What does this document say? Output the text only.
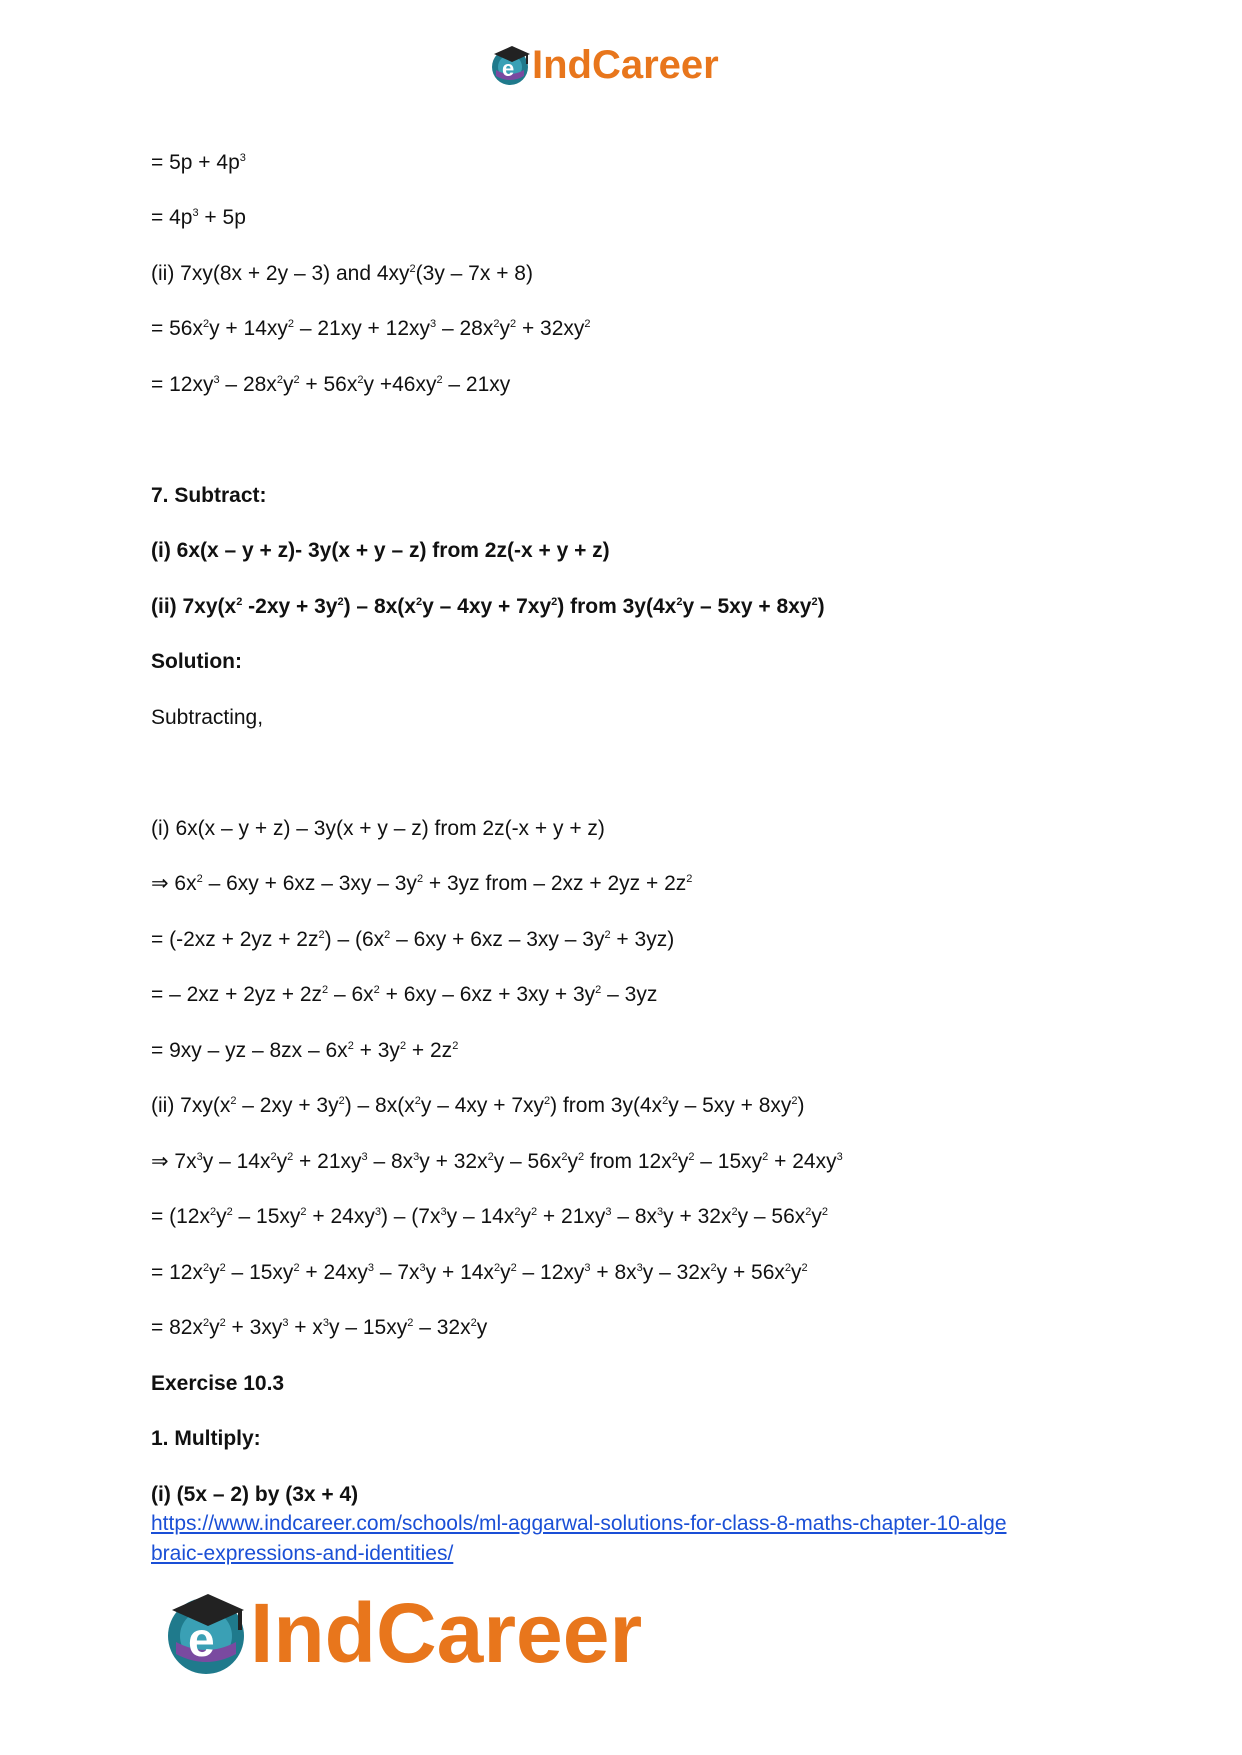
e IndCareer
= $5p + 4p^3$
= $4p^3 + 5p$
(ii) 7xy(8x + 2y – 3) and $4xy^2(3y - 7x + 8)$
= $56x^2y + 14xy^2 - 21xy + 12xy^3 - 28x^2y^2 + 32xy^2$
= $12xy^3 - 28x^2y^2 + 56x^2y +46xy^2 - 21xy$
7. Subtract:
(i) 6x(x – y + z)- 3y(x + y – z) from 2z(-x + y + z)
(ii) $7xy(x^2$ $-2xy + 3y^2) - 8x(x^2y - 4xy + 7xy^2)$ from $3y(4x^2y - 5xy + 8xy^2)$
Solution:
Subtracting,
(i) 6x(x – y + z) – 3y(x + y – z) from 2z(-x + y + z)
⇒ $6x^2 - 6xy + 6xz - 3xy - 3y^2 + 3yz$ from – $2xz + 2yz + 2z^2$
= $(-2xz + 2yz + 2z^2) - (6x^2 - 6xy + 6xz - 3xy - 3y^2 + 3yz)$
= – $2xz + 2yz + 2z^2 - 6x^2 + 6xy - 6xz + 3xy + 3y^2 - 3yz$
= 9xy – yz – $8zx - 6x^2 + 3y^2 + 2z^2$
(ii) $7xy(x^2 - 2xy + 3y^2) - 8x(x^2y - 4xy + 7xy^2)$ from $3y(4x^2y - 5xy + 8xy^2)$
⇒ $7x^3y - 14x^2y^2 + 21xy^3 - 8x^3y + 32x^2y - 56x^2y^2$ from $12x^2y^2 - 15xy^2 + 24xy^3$
= $(12x^2y^2 - 15xy^2 + 24xy^3) - (7x^3y - 14x^2y^2 + 21xy^3 - 8x^3y + 32x^2y - 56x^2y^2$
= $12x^2y^2 - 15xy^2 + 24xy^3 - 7x^3y + 14x^2y^2 - 12xy^3 + 8x^3y - 32x^2y + 56x^2y^2$
= $82x^2y^2 + 3xy^3 + x^3y - 15xy^2 - 32x^2y$
Exercise 10.3
1. Multiply:
(i) (5x – 2) by (3x + 4)
https://www.indcareer.com/schools/ml-aggarwal-solutions-for-class-8-maths-chapter-10-alge
braic-expressions-and-identities/
e IndCareer
